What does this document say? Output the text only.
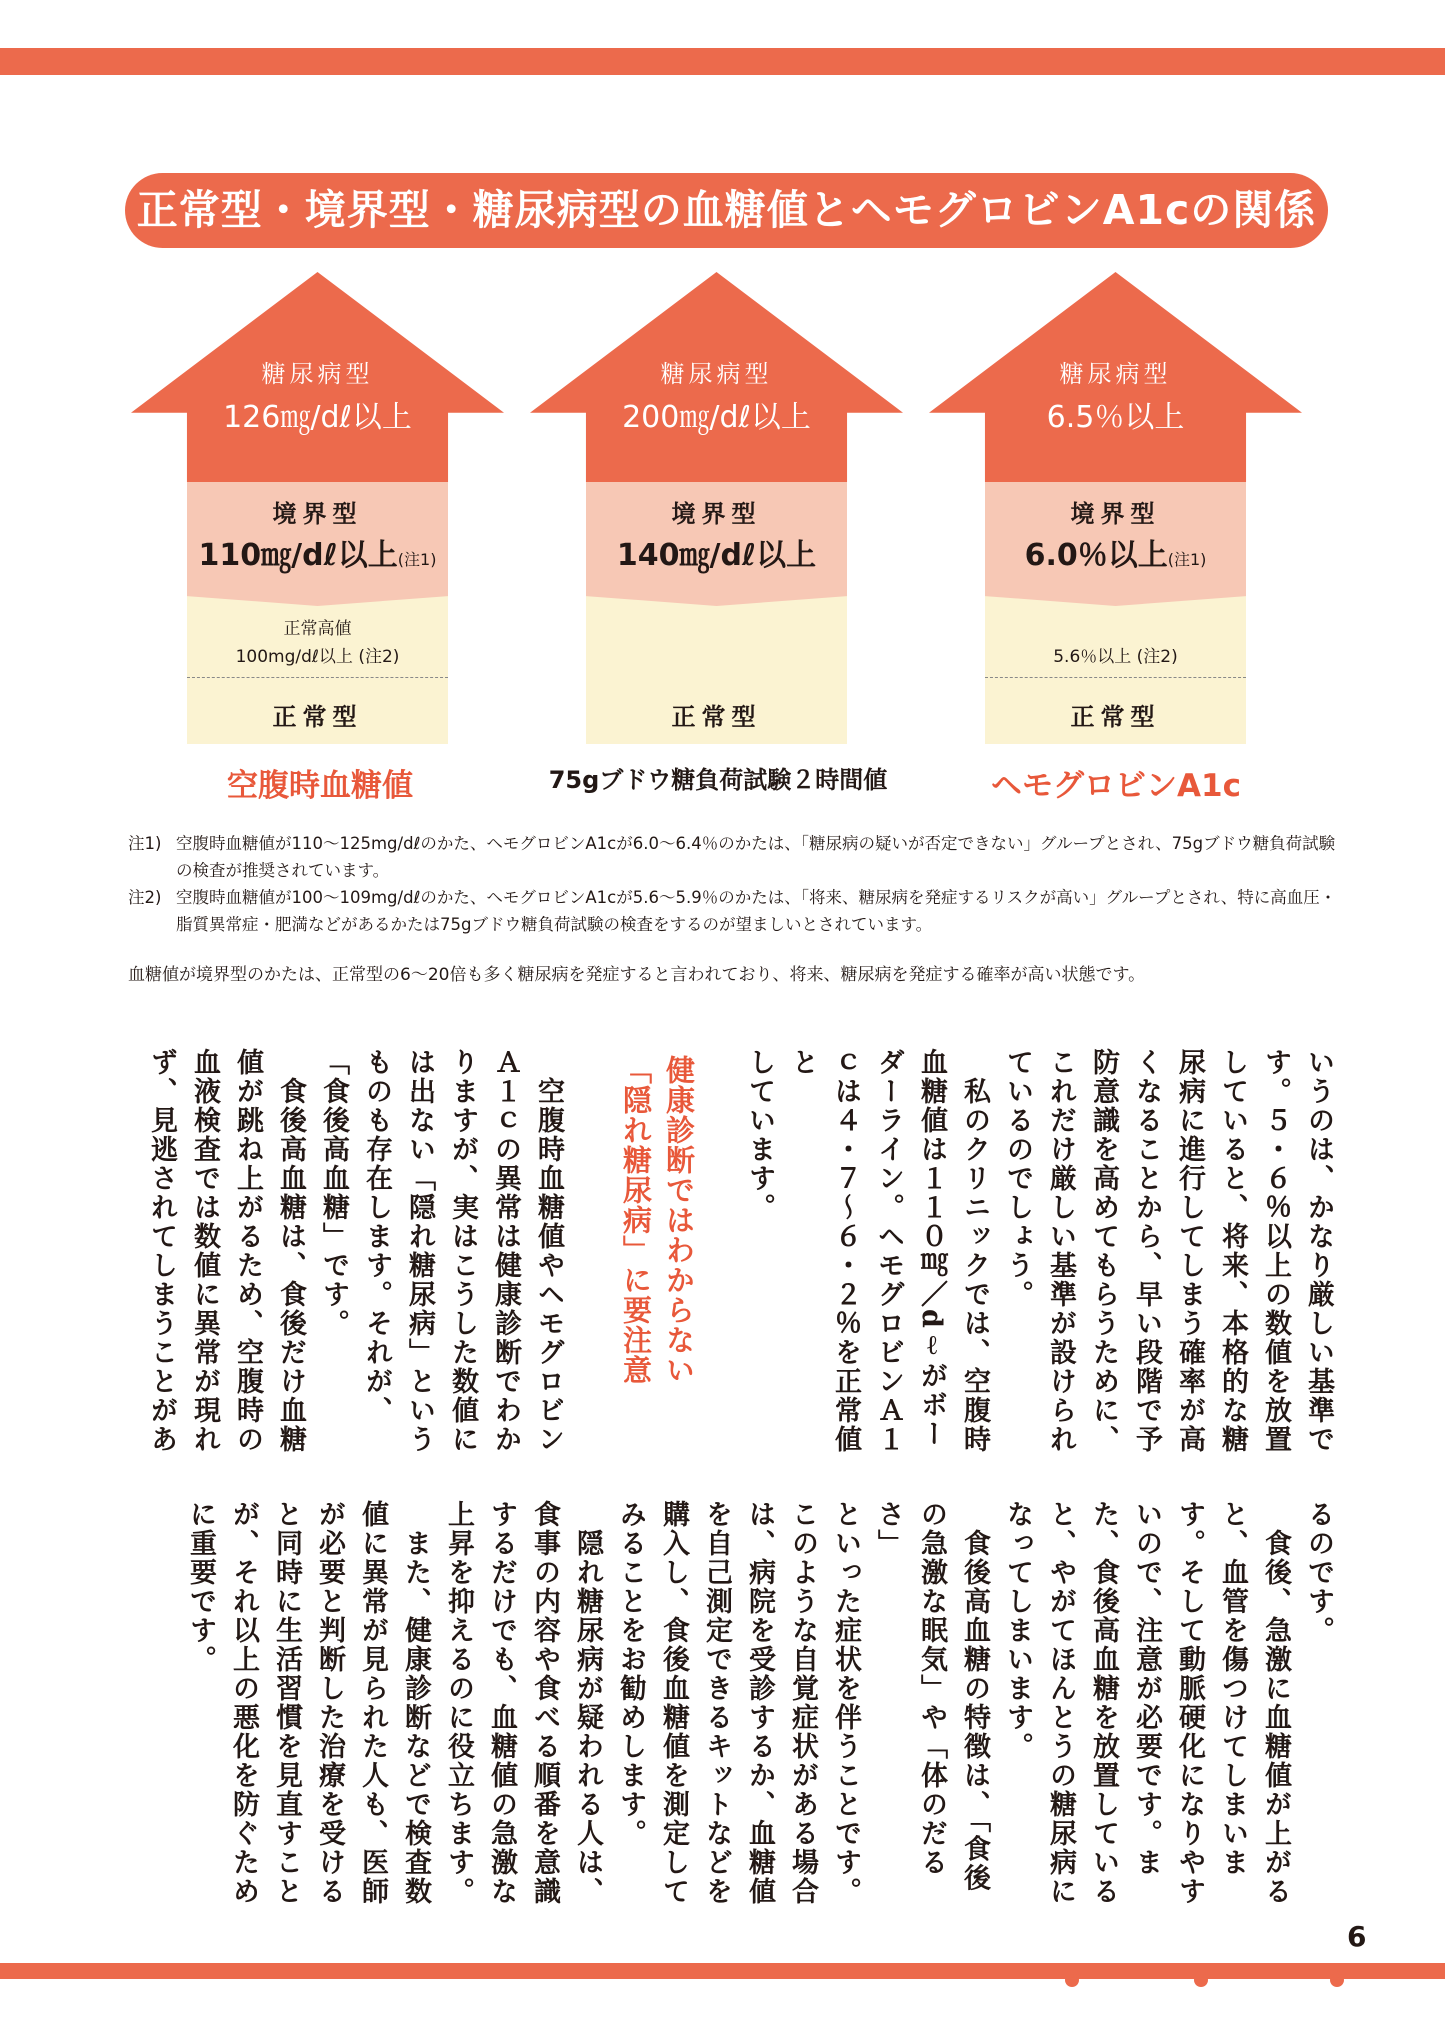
正常型・境界型・糖尿病型の血糖値とヘモグロビンA1cの関係
糖尿病型
126㎎/dℓ以上
境界型
110㎎/dℓ以上(注1)
正常高値
100mg/dℓ以上 (注2)
正常型
空腹時血糖値
糖尿病型
200㎎/dℓ以上
境界型
140㎎/dℓ以上
正常型
75gブドウ糖負荷試験２時間値
糖尿病型
6.5％以上
境界型
6.0％以上(注1)
5.6％以上 (注2)
正常型
ヘモグロビンA1c
注1) 空腹時血糖値が110～125mg/dℓのかた、ヘモグロビンA1cが6.0～6.4％のかたは、「糖尿病の疑いが否定できない」グループとされ、75gブドウ糖負荷試験の検査が推奨されています。
注2) 空腹時血糖値が100～109mg/dℓのかた、ヘモグロビンA1cが5.6～5.9％のかたは、「将来、糖尿病を発症するリスクが高い」グループとされ、特に高血圧・脂質異常症・肥満などがあるかたは75gブドウ糖負荷試験の検査をするのが望ましいとされています。
血糖値が境界型のかたは、正常型の6～20倍も多く糖尿病を発症すると言われており、将来、糖尿病を発症する確率が高い状態です。
いうのは、かなり厳しい基準で
す。５・６％以上の数値を放置
していると、将来、本格的な糖
尿病に進行してしまう確率が高
くなることから、早い段階で予
防意識を高めてもらうために、
これだけ厳しい基準が設けられ
ているのでしょう。
　私のクリニックでは、空腹時
血糖値は１１０㎎／dℓがボー
ダーライン。ヘモグロビンＡ１
ｃは４・７～６・２％を正常値と
しています。
健康診断ではわからない
「隠れ糖尿病」に要注意
　空腹時血糖値やヘモグロビン
Ａ１ｃの異常は健康診断でわか
りますが、実はこうした数値に
は出ない「隠れ糖尿病」という
ものも存在します。それが、
「食後高血糖」です。
　食後高血糖は、食後だけ血糖
値が跳ね上がるため、空腹時の
血液検査では数値に異常が現れ
ず、見逃されてしまうことがあ
るのです。
　食後、急激に血糖値が上がる
と、血管を傷つけてしまいま
す。そして動脈硬化になりやす
いので、注意が必要です。ま
た、食後高血糖を放置している
と、やがてほんとうの糖尿病に
なってしまいます。
　食後高血糖の特徴は、「食後
の急激な眠気」や「体のだるさ」
といった症状を伴うことです。
このような自覚症状がある場合
は、病院を受診するか、血糖値
を自己測定できるキットなどを
購入し、食後血糖値を測定して
みることをお勧めします。
　隠れ糖尿病が疑われる人は、
食事の内容や食べる順番を意識
するだけでも、血糖値の急激な
上昇を抑えるのに役立ちます。
　また、健康診断などで検査数
値に異常が見られた人も、医師
が必要と判断した治療を受ける
と同時に生活習慣を見直すこと
が、それ以上の悪化を防ぐため
に重要です。
6
